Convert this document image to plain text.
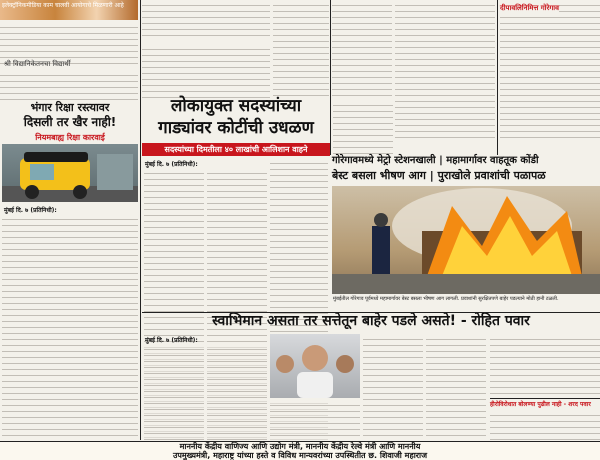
श्री विद्यानिकेतनचा विद्यार्थी
भंगार रिक्षा रस्त्यावर
दिसली तर खैर नाही!
नियमबाह्य रिक्षा कारवाई
मुंबई दि. ७ (प्रतिनिधी):
लोकायुक्त सदस्यांच्या
गाड्यांवर कोटींची उधळण
सदस्यांच्या दिमतीला ४० लाखांची आलिशान वाहने
मुंबई दि. ७ (प्रतिनिधी):	गोरेगावमध्ये मेट्रो स्टेशनखाली | महामार्गावर वाहतूक कोंडी
बेस्ट बसला भीषण आग | पुराखोले प्रवाशांची पळापळ
मुंबईतील गोरेगाव पूर्वमध्ये महामार्गावर बेस्ट बसला भीषण आग लागली. प्रवाशांनी सुरक्षितपणे बाहेर पडल्याने मोठी हानी टळली.
स्वाभिमान असता तर सत्तेतून बाहेर पडले असते! - रोहित पवार
मुंबई दि. ७ (प्रतिनिधी):
दीपावलिनिमित्त गोरेगाव
हीरोविरोधात बोलण्या पुढील नाही - शरद पवार
माननीय केंद्रीय वाणिज्य आणि उद्योग मंत्री, माननीय केंद्रीय रेल्वे मंत्री आणि माननीय
उपमुख्यमंत्री, महाराष्ट्र यांच्या हस्ते व विविध मान्यवरांच्या उपस्थितीत छ. शिवाजी महाराज
इलेक्ट्रॉनिकमीडिया काम चालवी आयोगाचे मिळणारी आहे
